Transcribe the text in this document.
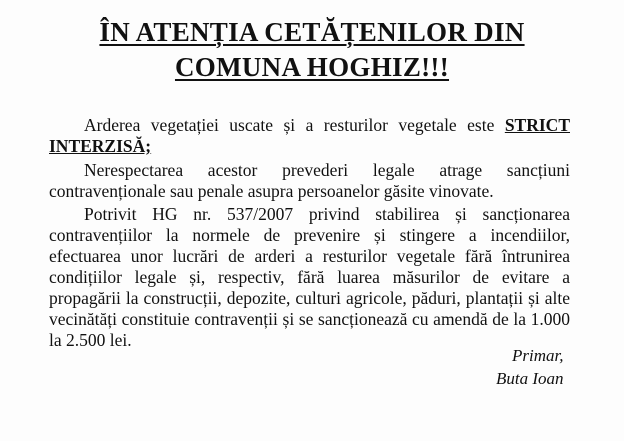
ÎN ATENȚIA CETĂȚENILOR DIN
COMUNA HOGHIZ!!!
Arderea vegetației uscate și a resturilor vegetale este STRICT
INTERZISĂ;
Nerespectarea acestor prevederi legale atrage sancțiuni
contravenționale sau penale asupra persoanelor găsite vinovate.
Potrivit HG nr. 537/2007 privind stabilirea și sancționarea
contravențiilor la normele de prevenire și stingere a incendiilor,
efectuarea unor lucrări de arderi a resturilor vegetale fără întrunirea
condițiilor legale și, respectiv, fără luarea măsurilor de evitare a
propagării la construcții, depozite, culturi agricole, păduri, plantații și alte
vecinătăți constituie contravenții și se sancționează cu amendă de la 1.000
la 2.500 lei.
Primar,
Buta Ioan
